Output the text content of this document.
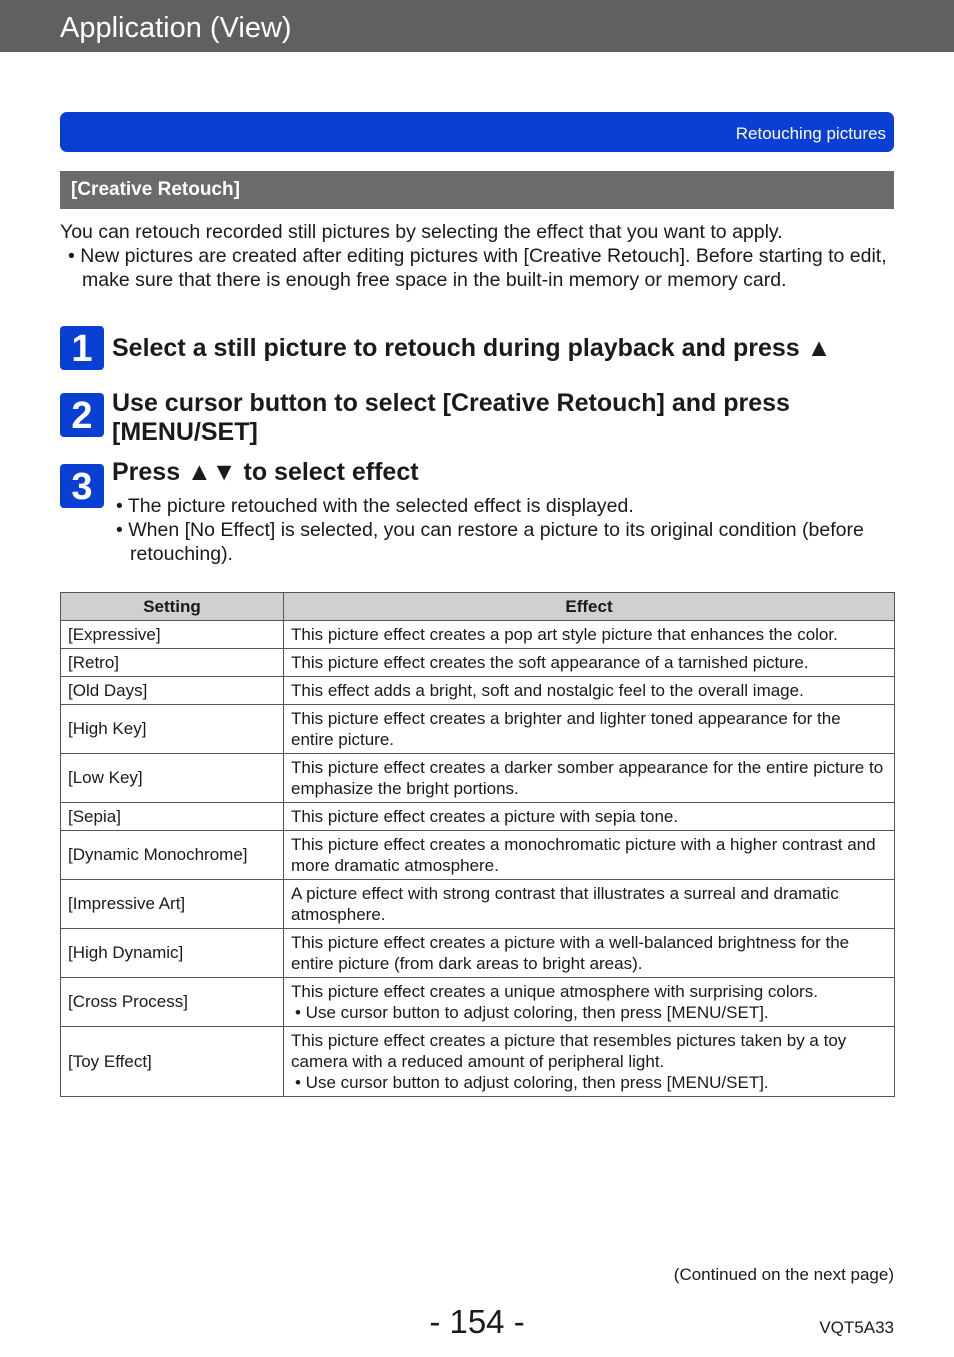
Application (View)
Retouching pictures
[Creative Retouch]

You can retouch recorded still pictures by selecting the effect that you want to apply.

• New pictures are created after editing pictures with [Creative Retouch]. Before starting to edit, make sure that there is enough free space in the built-in memory or memory card.

1 Select a still picture to retouch during playback and press ▲
2 Use cursor button to select [Creative Retouch] and press [MENU/SET]
3 Press ▲▼ to select effect

• The picture retouched with the selected effect is displayed.

• When [No Effect] is selected, you can restore a picture to its original condition (before retouching).

Setting	Effect
[Expressive]	This picture effect creates a pop art style picture that enhances the color.

[Retro]	This picture effect creates the soft appearance of a tarnished picture.

[Old Days]	This effect adds a bright, soft and nostalgic feel to the overall image.

[High Key]	This picture effect creates a brighter and lighter toned appearance for the entire picture.

[Low Key]	This picture effect creates a darker somber appearance for the entire picture to emphasize the bright portions.

[Sepia]	This picture effect creates a picture with sepia tone.

[Dynamic Monochrome]	This picture effect creates a monochromatic picture with a higher contrast and more dramatic atmosphere.

[Impressive Art]	A picture effect with strong contrast that illustrates a surreal and dramatic atmosphere.

[High Dynamic]	This picture effect creates a picture with a well-balanced brightness for the entire picture (from dark areas to bright areas).

[Cross Process]	This picture effect creates a unique atmosphere with surprising colors.

• Use cursor button to adjust coloring, then press [MENU/SET].

[Toy Effect]	This picture effect creates a picture that resembles pictures taken by a toy camera with a reduced amount of peripheral light.

• Use cursor button to adjust coloring, then press [MENU/SET].

(Continued on the next page)
- 154 -	VQT5A33
